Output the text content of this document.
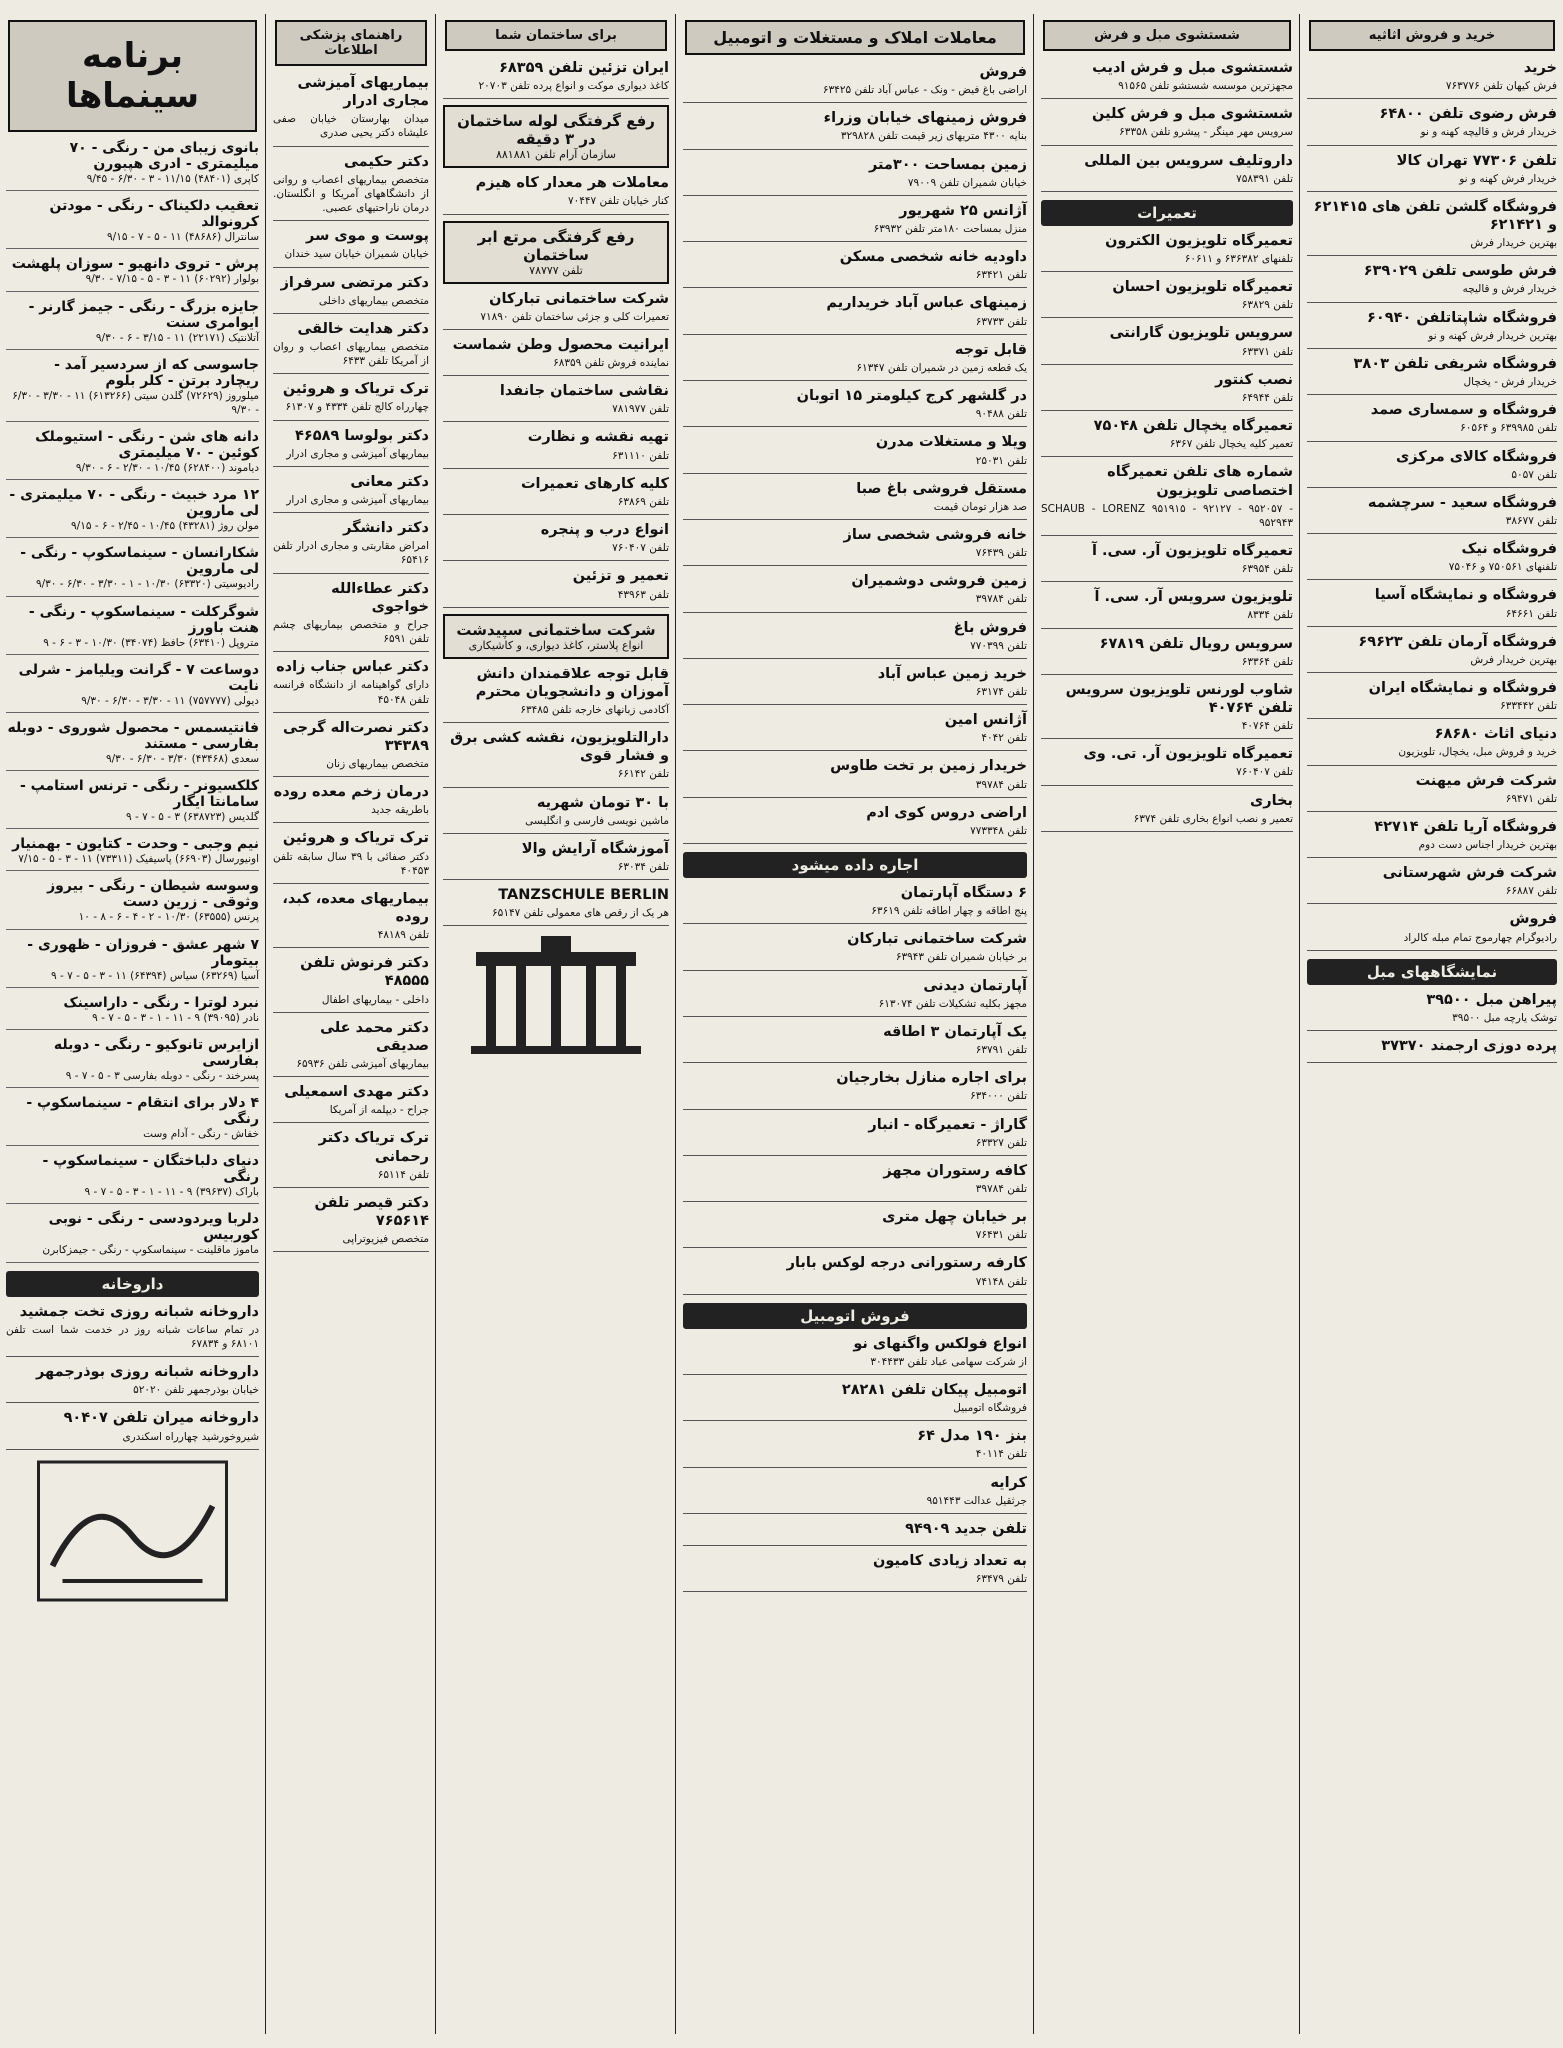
خرید و فروش اثاثیه
خرید

فرش کیهان تلفن ۷۶۳۷۷۶

فرش رضوی تلفن ۶۴۸۰۰

خریدار فرش و قالیچه کهنه و نو

تلفن ۷۷۳۰۶ تهران کالا

خریدار فرش کهنه و نو

فروشگاه گلشن تلفن های ۶۲۱۴۱۵ و ۶۲۱۴۲۱

بهترین خریدار فرش

فرش طوسی تلفن ۶۳۹۰۲۹

خریدار فرش و قالیچه

فروشگاه شاپتاتلفن ۶۰۹۴۰

بهترین خریدار فرش کهنه و نو

فروشگاه شریفی تلفن ۳۸۰۳

خریدار فرش - یخچال

فروشگاه و سمساری صمد

تلفن ۶۳۹۹۸۵ و ۶۰۵۶۴

فروشگاه کالای مرکزی

تلفن ۵۰۵۷

فروشگاه سعید - سرچشمه

تلفن ۳۸۶۷۷

فروشگاه نیک

تلفنهای ۷۵۰۵۶۱ و ۷۵۰۴۶

فروشگاه و نمایشگاه آسیا

تلفن ۶۴۶۶۱

فروشگاه آرمان تلفن ۶۹۶۲۳

بهترین خریدار فرش

فروشگاه و نمایشگاه ایران

تلفن ۶۳۳۴۴۲

دنیای اثاث ۶۸۶۸۰

خرید و فروش مبل، یخچال، تلویزیون

شرکت فرش میهنت

تلفن ۶۹۴۷۱

فروشگاه آریا تلفن ۴۲۷۱۴

بهترین خریدار اجناس دست دوم

شرکت فرش شهرستانی

تلفن ۶۶۸۸۷

فروش

رادیوگرام چهارموج تمام مبله کالراد

نمایشگاههای مبل
پیراهن مبل ۳۹۵۰۰

توشک یارچه مبل ۳۹۵۰۰

پرده دوزی ارجمند ۳۷۳۷۰
شستشوی مبل و فرش
شستشوی مبل و فرش ادیب

مجهزترین موسسه شستشو تلفن ۹۱۵۶۵

شستشوی مبل و فرش کلین

سرویس مهر مینگر - پیشرو تلفن ۶۳۳۵۸

داروتلیف سرویس بین المللی

تلفن ۷۵۸۳۹۱

تعمیرات
تعمیرگاه تلویزیون الکترون

تلفنهای ۶۳۶۳۸۲ و ۶۰۶۱۱

تعمیرگاه تلویزیون احسان

تلفن ۶۳۸۲۹

سرویس تلویزیون گارانتی

تلفن ۶۳۳۷۱

نصب کنتور

تلفن ۶۴۹۴۴

تعمیرگاه یخچال تلفن ۷۵۰۴۸

تعمیر کلیه یخچال تلفن ۶۳۶۷

شماره های تلفن تعمیرگاه اختصاصی تلویزیون

SCHAUB - LORENZ ۹۵۱۹۱۵ - ۹۲۱۲۷ - ۹۵۲۰۵۷ - ۹۵۲۹۴۳

تعمیرگاه تلویزیون آر. سی. آ

تلفن ۶۳۹۵۴

تلویزیون سرویس آر. سی. آ

تلفن ۸۳۳۴

سرویس رویال تلفن ۶۷۸۱۹

تلفن ۶۳۳۶۴

شاوب لورنس تلویزیون سرویس تلفن ۴۰۷۶۴

تلفن ۴۰۷۶۴

تعمیرگاه تلویزیون آر. تی. وی

تلفن ۷۶۰۴۰۷

بخاری

تعمیر و نصب انواع بخاری تلفن ۶۳۷۴

معاملات املاک و مستغلات و اتومبیل
فروش

اراضی باغ فیض - ونک - عباس آباد تلفن ۶۳۴۲۵

فروش زمینهای خیابان وزراء

بنایه ۴۳۰۰ متریهای زیر قیمت تلفن ۳۲۹۸۲۸

زمین بمساحت ۳۰۰متر

خیابان شمیران تلفن ۷۹۰۰۹

آژانس ۲۵ شهریور

منزل بمساحت ۱۸۰متر تلفن ۶۳۹۳۲

داودیه خانه شخصی مسکن

تلفن ۶۳۴۲۱

زمینهای عباس آباد خریداریم

تلفن ۶۳۷۳۳

قابل توجه

یک قطعه زمین در شمیران تلفن ۶۱۳۴۷

در گلشهر کرج کیلومتر ۱۵ اتوبان

تلفن ۹۰۴۸۸

ویلا و مستغلات مدرن

تلفن ۲۵۰۳۱

مستقل فروشی باغ صبا

صد هزار تومان قیمت

خانه فروشی شخصی ساز

تلفن ۷۶۴۳۹

زمین فروشی دوشمیران

تلفن ۳۹۷۸۴

فروش باغ

تلفن ۷۷۰۳۹۹

خرید زمین عباس آباد

تلفن ۶۳۱۷۴

آژانس امین

تلفن ۴۰۴۲

خریدار زمین بر تخت طاوس

تلفن ۳۹۷۸۴

اراضی دروس کوی ادم

تلفن ۷۷۳۳۴۸

اجاره داده میشود
۶ دستگاه آپارتمان

پنج اطاقه و چهار اطاقه تلفن ۶۳۶۱۹

شرکت ساختمانی تبارکان

بر خیابان شمیران تلفن ۶۳۹۴۳

آپارتمان دیدنی

مجهز بکلیه تشکیلات تلفن ۶۱۳۰۷۴

یک آپارتمان ۳ اطاقه

تلفن ۶۳۷۹۱

برای اجاره منازل بخارجیان

تلفن ۶۳۴۰۰۰

گاراژ - تعمیرگاه - انبار

تلفن ۶۳۳۲۷

کافه رستوران مجهز

تلفن ۳۹۷۸۴

بر خیابان چهل متری

تلفن ۷۶۴۳۱

کارفه رستورانی درجه لوکس بابار

تلفن ۷۴۱۴۸

فروش اتومبیل
انواع فولکس واگنهای نو

از شرکت سهامی عباد تلفن ۳۰۴۴۳۳

اتومبیل پیکان تلفن ۲۸۲۸۱

فروشگاه اتومبیل

بنز ۱۹۰ مدل ۶۴

تلفن ۴۰۱۱۴

کرایه

جرثقیل عدالت ۹۵۱۴۴۳

تلفن جدید ۹۴۹۰۹
به تعداد زیادی کامیون

تلفن ۶۳۴۷۹

برای ساختمان شما
ایران تزئین تلفن ۶۸۳۵۹

کاغذ دیواری موکت و انواع پرده تلفن ۲۰۷۰۳

رفع گرفتگی لوله ساختمان در ۳ دقیقه
سازمان آرام تلفن ۸۸۱۸۸۱
معاملات هر معدار کاه هیزم

کنار خیابان تلفن ۷۰۴۴۷

رفع گرفتگی مرتع ابر ساختمان
تلفن ۷۸۷۷۷
شرکت ساختمانی تبارکان

تعمیرات کلی و جزئی ساختمان تلفن ۷۱۸۹۰

ایرانیت محصول وطن شماست

نماینده فروش تلفن ۶۸۳۵۹

نقاشی ساختمان جانفدا

تلفن ۷۸۱۹۷۷

تهیه نقشه و نظارت

تلفن ۶۳۱۱۱۰

کلیه کارهای تعمیرات

تلفن ۶۳۸۶۹

انواع درب و پنجره

تلفن ۷۶۰۴۰۷

تعمیر و تزئین

تلفن ۴۳۹۶۳

شرکت ساختمانی سپیدشت
انواع پلاستر، کاغذ دیواری، و کاشیکاری
قابل توجه علاقمندان دانش آموزان و دانشجویان محترم

آکادمی زبانهای خارجه تلفن ۶۳۴۸۵

دارالتلویزیون، نقشه کشی برق و فشار قوی

تلفن ۶۶۱۴۲

با ۳۰ تومان شهریه

ماشین نویسی فارسی و انگلیسی

آموزشگاه آرایش والا

تلفن ۶۳۰۳۴

TANZSCHULE BERLIN

هر یک از رقص های معمولی تلفن ۶۵۱۴۷

راهنمای پزشکی اطلاعات
بیماریهای آمیزشی مجاری ادرار

میدان بهارستان خیابان صفی علیشاه دکتر یحیی صدری

دکتر حکیمی

متخصص بیماریهای اعصاب و روانی از دانشگاههای آمریکا و انگلستان. درمان ناراحتیهای عصبی.

پوست و موی سر

خیابان شمیران خیابان سید خندان

دکتر مرتضی سرفراز

متخصص بیماریهای داخلی

دکتر هدایت خالقی

متخصص بیماریهای اعصاب و روان از آمریکا تلفن ۶۴۳۳

ترک تریاک و هروئین

چهارراه کالج تلفن ۴۳۳۴ و ۶۱۳۰۷

دکتر بولوسا ۴۶۵۸۹

بیماریهای آمیزشی و مجاری ادرار

دکتر معانی

بیماریهای آمیزشی و مجاری ادرار

دکتر دانشگر

امراض مقاربتی و مجاری ادرار تلفن ۶۵۴۱۶

دکتر عطاءالله خواجوی

جراح و متخصص بیماریهای چشم تلفن ۶۵۹۱

دکتر عباس جناب زاده

دارای گواهینامه از دانشگاه فرانسه تلفن ۴۵۰۴۸

دکتر نصرت‌اله گرجی ۳۴۳۸۹

متخصص بیماریهای زنان

درمان زخم معده روده

باطریقه جدید

ترک تریاک و هروئین

دکتر صفائی با ۳۹ سال سابقه تلفن ۴۰۴۵۳

بیماریهای معده، کبد، روده

تلفن ۴۸۱۸۹

دکتر فرنوش تلفن ۴۸۵۵۵

داخلی - بیماریهای اطفال

دکتر محمد علی صدیقی

بیماریهای آمیزشی تلفن ۶۵۹۳۶

دکتر مهدی اسمعیلی

جراح - دیپلمه از آمریکا

ترک تریاک دکتر رحمانی

تلفن ۶۵۱۱۴

دکتر قیصر تلفن ۷۶۵۶۱۴

متخصص فیزیوتراپی

برنامه سینماها
بانوی زیبای من - رنگی - ۷۰ میلیمتری - ادری هپبورن

کاپری (۴۸۴۰۱) ۱۱/۱۵ - ۳ - ۶/۳۰ - ۹/۴۵

تعقیب دلکیناک - رنگی - مودتن کرونوالد

سانترال (۴۸۶۸۶) ۱۱ - ۵ - ۷ - ۹/۱۵

پرش - تروی دانهیو - سوزان پلهشت

بولوار (۶۰۲۹۲) ۱۱ - ۳ - ۵ - ۷/۱۵ - ۹/۳۰

جایزه بزرگ - رنگی - جیمز گارنر - ایوامری سنت

آتلانتیک (۲۲۱۷۱) ۱۱ - ۳/۱۵ - ۶ - ۹/۳۰

جاسوسی که از سردسیر آمد - ریچارد برتن - کلر بلوم

میلوروز (۷۲۶۲۹) گلدن سیتی (۶۱۳۲۶۶) ۱۱ - ۳/۳۰ - ۶/۳۰ - ۹/۳۰

دانه های شن - رنگی - استیوملک کوئین - ۷۰ میلیمتری

دیاموند (۶۲۸۴۰۰) ۱۰/۴۵ - ۲/۳۰ - ۶ - ۹/۳۰

۱۲ مرد خبیث - رنگی - ۷۰ میلیمتری - لی ماروین

مولن روژ (۴۳۲۸۱) ۱۰/۴۵ - ۲/۴۵ - ۶ - ۹/۱۵

شکارانسان - سینماسکوپ - رنگی - لی ماروین

رادیوسیتی (۶۳۳۲۰) ۱۰/۳۰ - ۱ - ۳/۳۰ - ۶/۳۰ - ۹/۳۰

شوگرکلت - سینماسکوپ - رنگی - هنت باورز

متروپل (۶۳۴۱۰) حافظ (۳۴۰۷۴) ۱۰/۳۰ - ۳ - ۶ - ۹

دوساعت ۷ - گرانت ویلیامز - شرلی نایت

دیولی (۷۵۷۷۷۷) ۱۱ - ۳/۳۰ - ۶/۳۰ - ۹/۳۰

فانتیسمس - محصول شوروی - دوبله بفارسی - مستند

سعدی (۴۳۴۶۸) ۳/۳۰ - ۶/۳۰ - ۹/۳۰

کلکسیونر - رنگی - ترنس استامپ - سامانتا ایگار

گلدیس (۶۳۸۷۲۳) ۳ - ۵ - ۷ - ۹

نیم وجبی - وحدت - کتایون - بهمنیار

اونیورسال (۶۶۹۰۳) پاسیفیک (۷۳۳۱۱) ۱۱ - ۳ - ۵ - ۷/۱۵

وسوسه شیطان - رنگی - بیروز وثوقی - زرین دست

پرنس (۶۳۵۵۵) ۱۰/۳۰ - ۲ - ۴ - ۶ - ۸ - ۱۰

۷ شهر عشق - فروزان - ظهوری - بیتومار

آسیا (۶۳۲۶۹) سیاس (۶۴۳۹۴) ۱۱ - ۳ - ۵ - ۷ - ۹

نبرد لوترا - رنگی - داراسینک

نادر (۳۹۰۹۵) ۹ - ۱۱ - ۱ - ۳ - ۵ - ۷ - ۹

ازایرس تانوکیو - رنگی - دوبله بفارسی

پسرخند - رنگی - دوبله بفارسی ۳ - ۵ - ۷ - ۹

۴ دلار برای انتقام - سینماسکوپ - رنگی

خفاش - رنگی - آدام وست

دنیای دلباختگان - سینماسکوپ - رنگی

باراک (۳۹۶۳۷) ۹ - ۱۱ - ۱ - ۳ - ۵ - ۷ - ۹

دلربا ویردودسی - رنگی - نوبی کوربیس

ماموز ماقلینت - سینماسکوپ - رنگی - جیمزکابرن

داروخانه
داروخانه شبانه روزی تخت جمشید

در تمام ساعات شبانه روز در خدمت شما است تلفن ۶۸۱۰۱ و ۶۷۸۳۴

داروخانه شبانه روزی بوذرجمهر

خیابان بوذرجمهر تلفن ۵۲۰۲۰

داروخانه میران تلفن ۹۰۴۰۷

شیروخورشید چهارراه اسکندری
